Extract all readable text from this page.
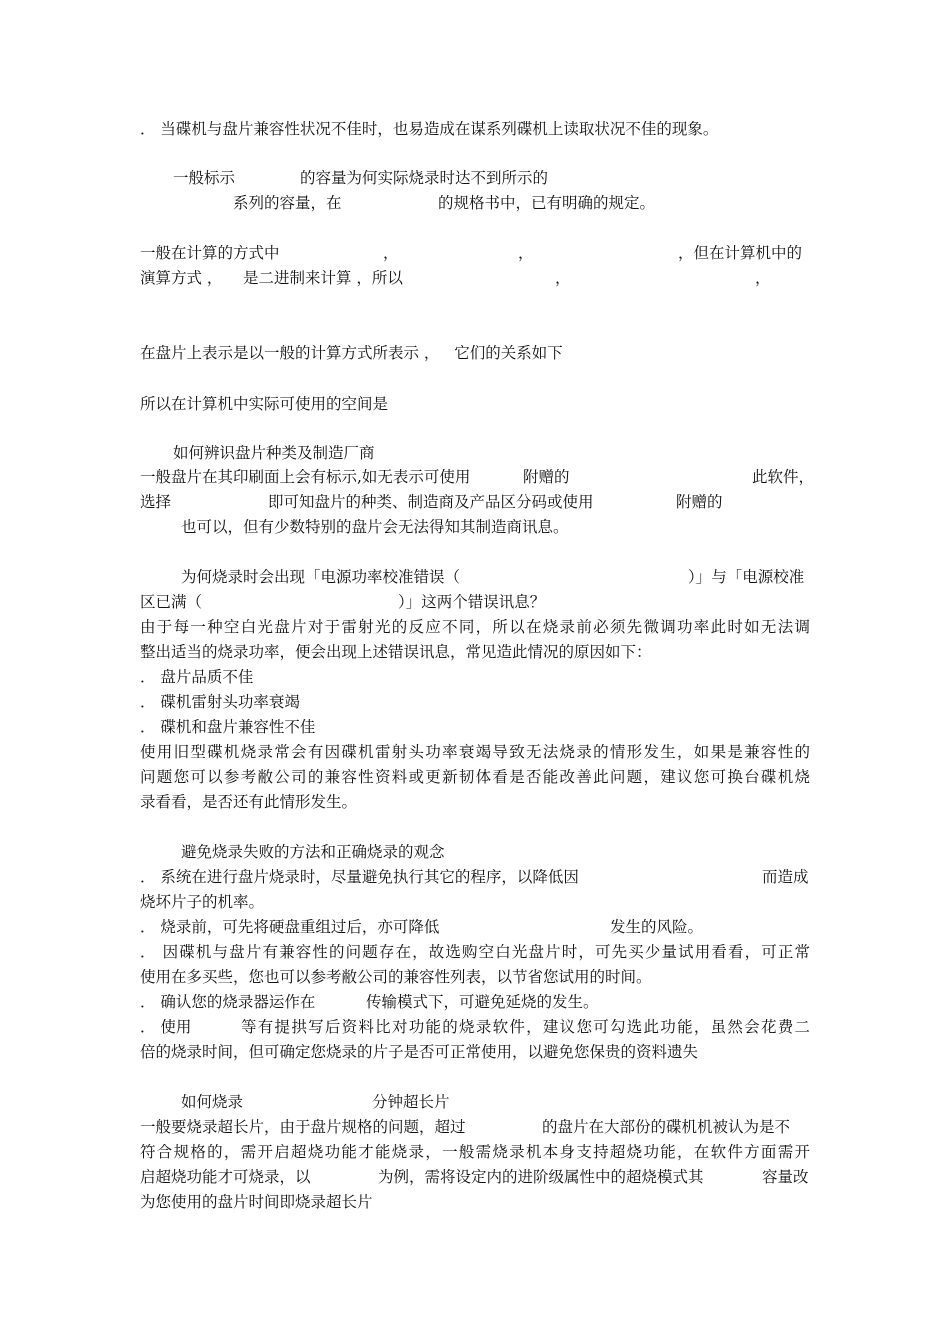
． 当碟机与盘片兼容性状况不佳时，也易造成在谋系列碟机上读取状况不佳的现象。
一般标示	的容量为何实际烧录时达不到所示的
系列的容量，在	的规格书中，已有明确的规定。
一般在计算的方式中	，	，	，但在计算机中的
演算方式 ， 是二进制来计算 ，所以	，	，
在盘片上表示是以一般的计算方式所表示 ，   它们的关系如下
所以在计算机中实际可使用的空间是
如何辨识盘片种类及制造厂商
一般盘片在其印刷面上会有标示,如无表示可使用	附赠的	此软件，
选择	即可知盘片的种类、制造商及产品区分码或使用	附赠的
也可以，但有少数特别的盘片会无法得知其制造商讯息。
为何烧录时会出现「电源功率校准错误（	）」与「电源校准
区已满（	）」这两个错误讯息？
由于每一种空白光盘片对于雷射光的反应不同，所以在烧录前必须先微调功率此时如无法调
整出适当的烧录功率，便会出现上述错误讯息，常见造此情况的原因如下：
． 盘片品质不佳
． 碟机雷射头功率衰竭
． 碟机和盘片兼容性不佳
使用旧型碟机烧录常会有因碟机雷射头功率衰竭导致无法烧录的情形发生，如果是兼容性的
问题您可以参考敝公司的兼容性资料或更新韧体看是否能改善此问题，建议您可换台碟机烧
录看看，是否还有此情形发生。
避免烧录失败的方法和正确烧录的观念
． 系统在进行盘片烧录时，尽量避免执行其它的程序，以降低因	而造成
烧坏片子的机率。
． 烧录前，可先将硬盘重组过后，亦可降低	发生的风险。
． 因碟机与盘片有兼容性的问题存在，故选购空白光盘片时，可先买少量试用看看，可正常
使用在多买些，您也可以参考敝公司的兼容性列表，以节省您试用的时间。
． 确认您的烧录器运作在	传输模式下，可避免延烧的发生。
． 使用	等有提拱写后资料比对功能的烧录软件，建议您可勾选此功能，虽然会花费二
倍的烧录时间，但可确定您烧录的片子是否可正常使用，以避免您保贵的资料遗失
如何烧录	分钟超长片
一般要烧录超长片，由于盘片规格的问题，超过	的盘片在大部份的碟机机被认为是不
符合规格的，需开启超烧功能才能烧录，一般需烧录机本身支持超烧功能，在软件方面需开
启超烧功能才可烧录，以	为例，需将设定内的进阶级属性中的超烧模式其	容量改
为您使用的盘片时间即烧录超长片
